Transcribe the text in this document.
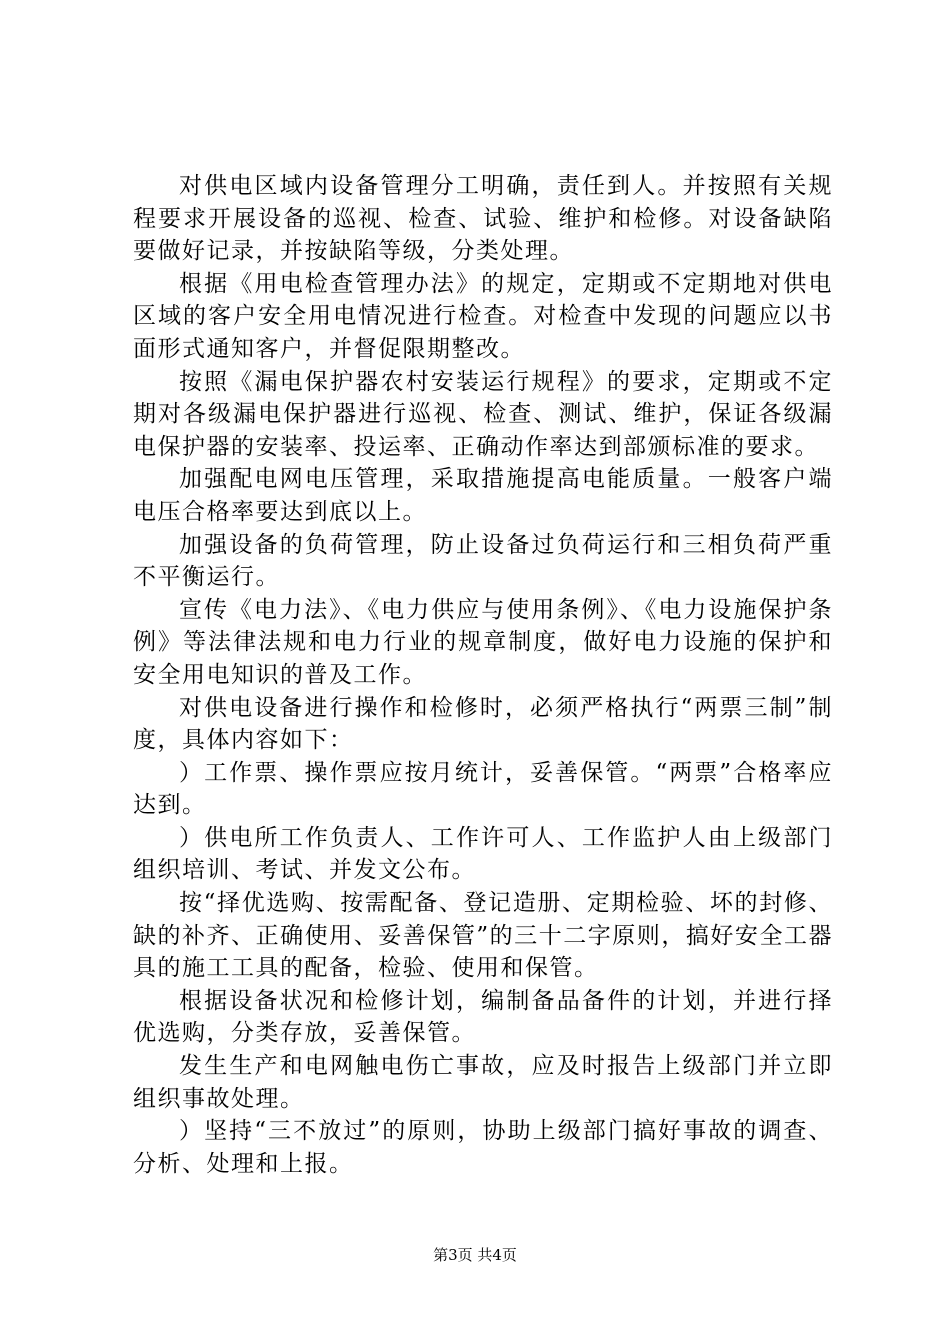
对供电区域内设备管理分工明确，责任到人。并按照有关规程要求开展设备的巡视、检查、试验、维护和检修。对设备缺陷要做好记录，并按缺陷等级，分类处理。

根据《用电检查管理办法》的规定，定期或不定期地对供电区域的客户安全用电情况进行检查。对检查中发现的问题应以书面形式通知客户，并督促限期整改。

按照《漏电保护器农村安装运行规程》的要求，定期或不定期对各级漏电保护器进行巡视、检查、测试、维护，保证各级漏电保护器的安装率、投运率、正确动作率达到部颁标准的要求。

加强配电网电压管理，采取措施提高电能质量。一般客户端电压合格率要达到底以上。

加强设备的负荷管理，防止设备过负荷运行和三相负荷严重不平衡运行。

宣传《电力法》、《电力供应与使用条例》、《电力设施保护条例》等法律法规和电力行业的规章制度，做好电力设施的保护和安全用电知识的普及工作。

对供电设备进行操作和检修时，必须严格执行“两票三制”制度，具体内容如下：

）工作票、操作票应按月统计，妥善保管。“两票”合格率应达到。

）供电所工作负责人、工作许可人、工作监护人由上级部门组织培训、考试、并发文公布。

按“择优选购、按需配备、登记造册、定期检验、坏的封修、缺的补齐、正确使用、妥善保管”的三十二字原则，搞好安全工器具的施工工具的配备，检验、使用和保管。

根据设备状况和检修计划，编制备品备件的计划，并进行择优选购，分类存放，妥善保管。

发生生产和电网触电伤亡事故，应及时报告上级部门并立即组织事故处理。

）坚持“三不放过”的原则，协助上级部门搞好事故的调查、分析、处理和上报。

第3页 共4页
